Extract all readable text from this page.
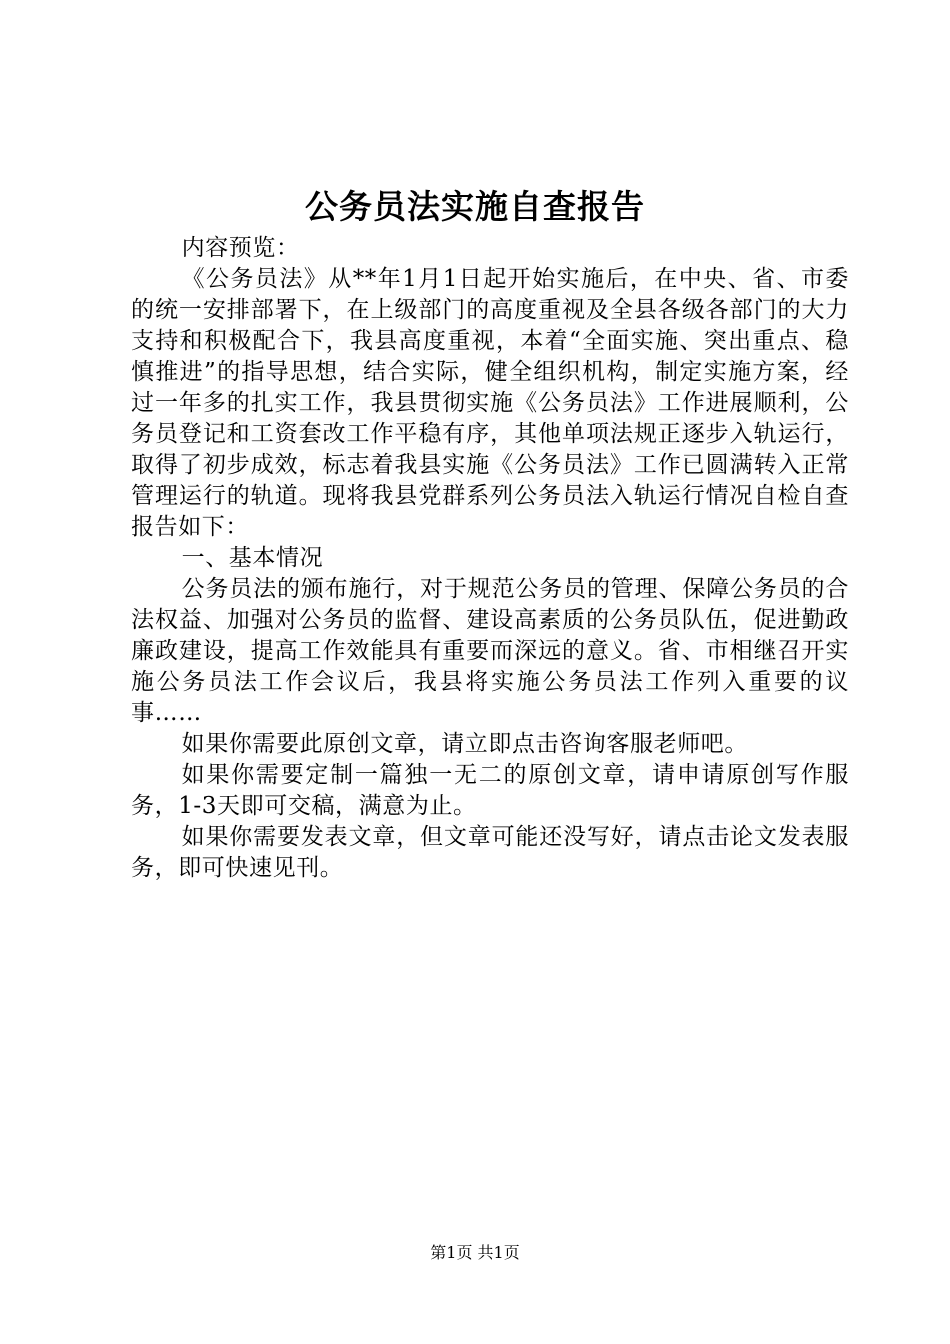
公务员法实施自查报告

内容预览：

《公务员法》从**年1月1日起开始实施后，在中央、省、市委的统一安排部署下，在上级部门的高度重视及全县各级各部门的大力支持和积极配合下，我县高度重视，本着“全面实施、突出重点、稳慎推进”的指导思想，结合实际，健全组织机构，制定实施方案，经过一年多的扎实工作，我县贯彻实施《公务员法》工作进展顺利，公务员登记和工资套改工作平稳有序，其他单项法规正逐步入轨运行，取得了初步成效，标志着我县实施《公务员法》工作已圆满转入正常管理运行的轨道。现将我县党群系列公务员法入轨运行情况自检自查报告如下：

一、基本情况

公务员法的颁布施行，对于规范公务员的管理、保障公务员的合法权益、加强对公务员的监督、建设高素质的公务员队伍，促进勤政廉政建设，提高工作效能具有重要而深远的意义。省、市相继召开实施公务员法工作会议后，我县将实施公务员法工作列入重要的议事……

如果你需要此原创文章，请立即点击咨询客服老师吧。

如果你需要定制一篇独一无二的原创文章，请申请原创写作服务，1-3天即可交稿，满意为止。

如果你需要发表文章，但文章可能还没写好，请点击论文发表服务，即可快速见刊。

第1页 共1页
